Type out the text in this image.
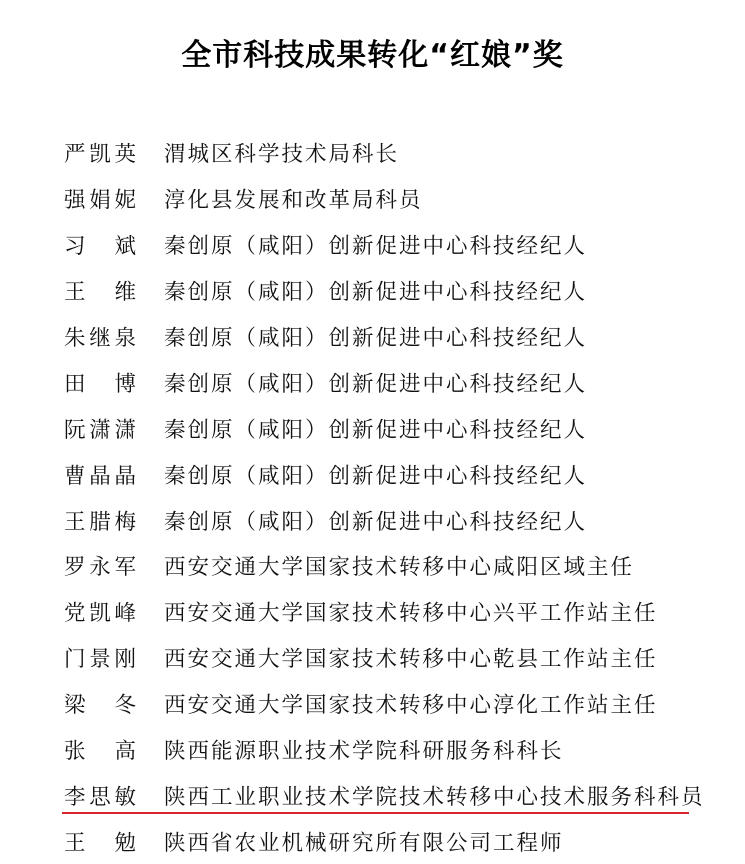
全市科技成果转化“红娘”奖
严凯英	渭城区科学技术局科长
强娟妮	淳化县发展和改革局科员
习 斌	秦创原（咸阳）创新促进中心科技经纪人
王 维	秦创原（咸阳）创新促进中心科技经纪人
朱继泉	秦创原（咸阳）创新促进中心科技经纪人
田 博	秦创原（咸阳）创新促进中心科技经纪人
阮潇潇	秦创原（咸阳）创新促进中心科技经纪人
曹晶晶	秦创原（咸阳）创新促进中心科技经纪人
王腊梅	秦创原（咸阳）创新促进中心科技经纪人
罗永军	西安交通大学国家技术转移中心咸阳区域主任
党凯峰	西安交通大学国家技术转移中心兴平工作站主任
门景刚	西安交通大学国家技术转移中心乾县工作站主任
梁 冬	西安交通大学国家技术转移中心淳化工作站主任
张 高	陕西能源职业技术学院科研服务科科长
李思敏	陕西工业职业技术学院技术转移中心技术服务科科员
王 勉	陕西省农业机械研究所有限公司工程师
